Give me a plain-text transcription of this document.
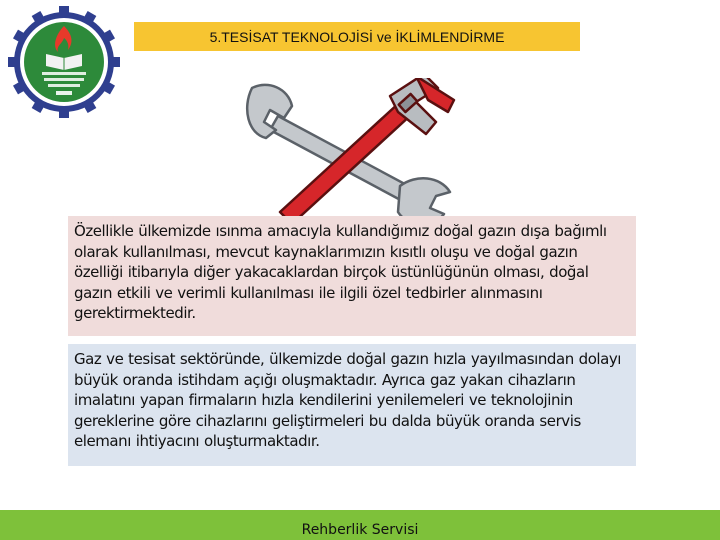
5.TESİSAT TEKNOLOJİSİ ve İKLİMLENDİRME
Özellikle ülkemizde ısınma amacıyla kullandığımız doğal gazın dışa bağımlı olarak kullanılması, mevcut kaynaklarımızın kısıtlı oluşu ve doğal gazın özelliği itibarıyla diğer yakacaklardan birçok üstünlüğünün olması, doğal gazın etkili ve verimli kullanılması ile ilgili özel tedbirler alınmasını gerektirmektedir.
Gaz ve tesisat sektöründe, ülkemizde doğal gazın hızla yayılmasından dolayı büyük oranda istihdam açığı oluşmaktadır. Ayrıca gaz yakan cihazların imalatını yapan firmaların hızla kendilerini yenilemeleri ve teknolojinin gereklerine göre cihazlarını geliştirmeleri bu dalda büyük oranda servis elemanı ihtiyacını oluşturmaktadır.
Rehberlik Servisi
